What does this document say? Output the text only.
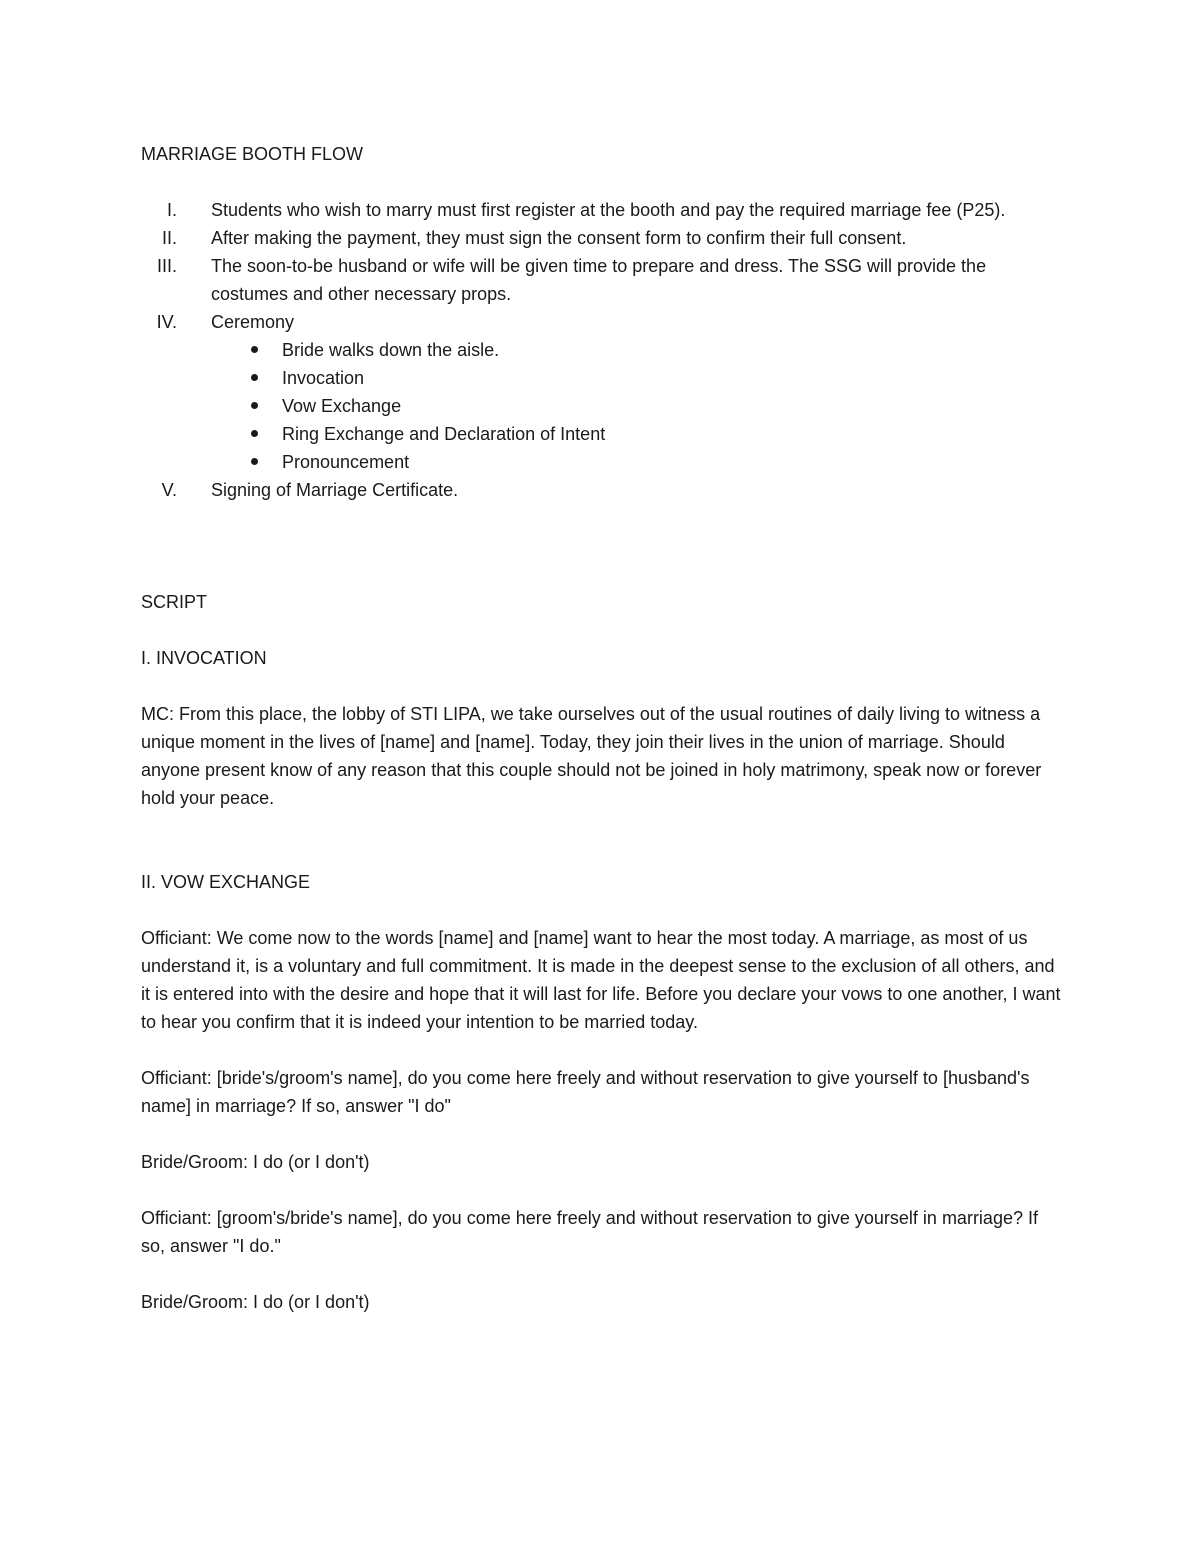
MARRIAGE BOOTH FLOW

I. Students who wish to marry must first register at the booth and pay the required marriage fee (P25).
II. After making the payment, they must sign the consent form to confirm their full consent.
III. The soon-to-be husband or wife will be given time to prepare and dress. The SSG will provide the costumes and other necessary props.
IV. Ceremony
Bride walks down the aisle.
Invocation
Vow Exchange
Ring Exchange and Declaration of Intent
Pronouncement
V. Signing of Marriage Certificate.

SCRIPT

I. INVOCATION

MC: From this place, the lobby of STI LIPA, we take ourselves out of the usual routines of daily living to witness a unique moment in the lives of [name] and [name]. Today, they join their lives in the union of marriage. Should anyone present know of any reason that this couple should not be joined in holy matrimony, speak now or forever hold your peace.

II. VOW EXCHANGE

Officiant: We come now to the words [name] and [name] want to hear the most today. A marriage, as most of us understand it, is a voluntary and full commitment. It is made in the deepest sense to the exclusion of all others, and it is entered into with the desire and hope that it will last for life. Before you declare your vows to one another, I want to hear you confirm that it is indeed your intention to be married today.

Officiant: [bride's/groom's name], do you come here freely and without reservation to give yourself to [husband's name] in marriage? If so, answer "I do"

Bride/Groom: I do (or I don't)

Officiant: [groom's/bride's name], do you come here freely and without reservation to give yourself in marriage? If so, answer "I do."

Bride/Groom: I do (or I don't)
